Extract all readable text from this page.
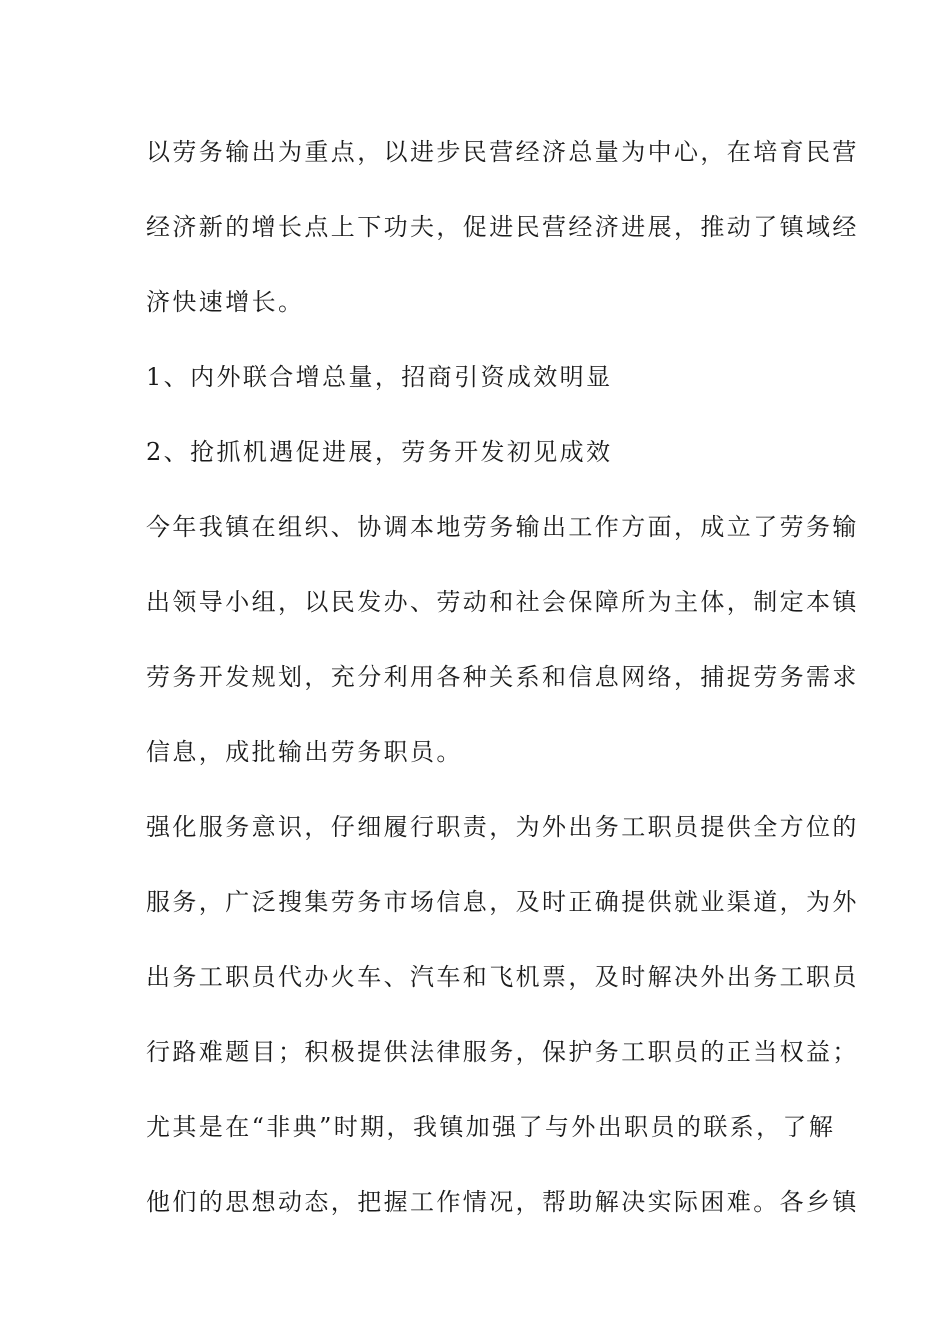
以劳务输出为重点，以进步民营经济总量为中心，在培育民营
经济新的增长点上下功夫，促进民营经济进展，推动了镇域经
济快速增长。
1、内外联合增总量，招商引资成效明显
2、抢抓机遇促进展，劳务开发初见成效
今年我镇在组织、协调本地劳务输出工作方面，成立了劳务输
出领导小组，以民发办、劳动和社会保障所为主体，制定本镇
劳务开发规划，充分利用各种关系和信息网络，捕捉劳务需求
信息，成批输出劳务职员。
强化服务意识，仔细履行职责，为外出务工职员提供全方位的
服务，广泛搜集劳务市场信息，及时正确提供就业渠道，为外
出务工职员代办火车、汽车和飞机票，及时解决外出务工职员
行路难题目；积极提供法律服务，保护务工职员的正当权益；
尤其是在“非典”时期，我镇加强了与外出职员的联系，了解
他们的思想动态，把握工作情况，帮助解决实际困难。各乡镇
